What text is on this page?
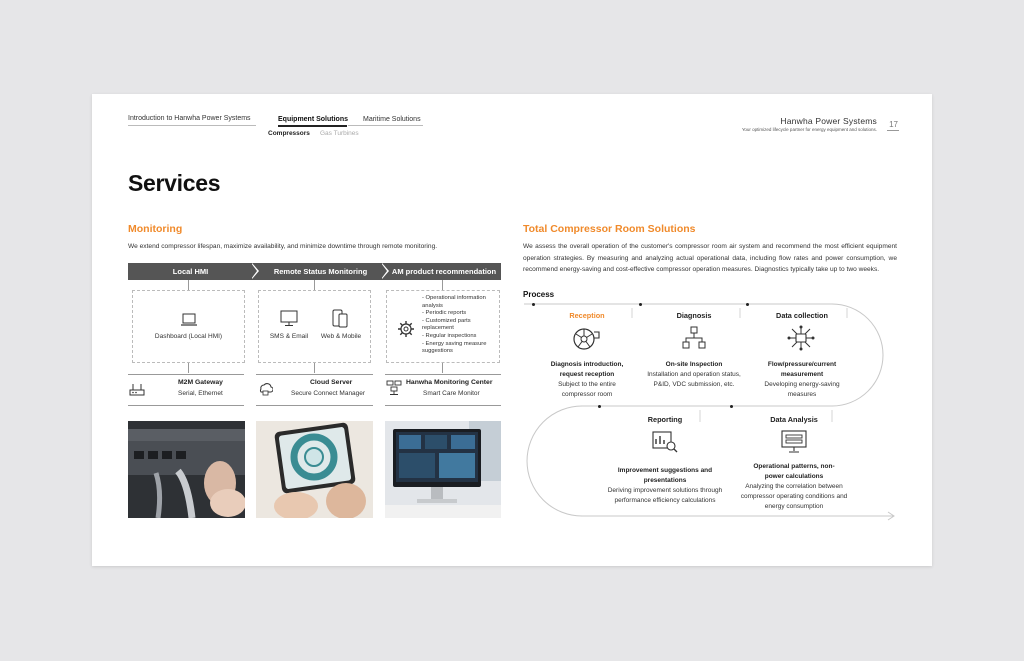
Introduction to Hanwha Power Systems	Equipment Solutions Maritime Solutions
Compressors Gas Turbines
Hanwha Power Systems
Your optimized lifecycle partner for energy equipment and solutions.
17
Services
Monitoring
We extend compressor lifespan, maximize availability, and minimize downtime through remote monitoring.
Local HMI	Remote Status Monitoring	AM product recommendation
Dashboard (Local HMI)	SMS & Email	Web & Mobile
- Operational information analysis
- Periodic reports
- Customized parts replacement
- Regular inspections
- Energy saving measure suggestions
M2M Gateway
Serial, Ethernet
Cloud Server
Secure Connect Manager
Hanwha Monitoring Center
Smart Care Monitor
Total Compressor Room Solutions
We assess the overall operation of the customer's compressor room air system and recommend the most efficient equipment operation strategies. By measuring and analyzing actual operational data, including flow rates and power consumption, we recommend energy-saving and cost-effective compressor operation measures. Diagnostics typically take up to two weeks.
Process
Reception
Diagnosis introduction, request reception
Subject to the entire compressor room
Diagnosis
On-site Inspection
Installation and operation status, P&ID, VDC submission, etc.
Data collection
Flow/pressure/current measurement
Developing energy-saving measures
Reporting
Improvement suggestions and presentations
Deriving improvement solutions through performance efficiency calculations
Data Analysis
Operational patterns, non-power calculations
Analyzing the correlation between compressor operating conditions and energy consumption
